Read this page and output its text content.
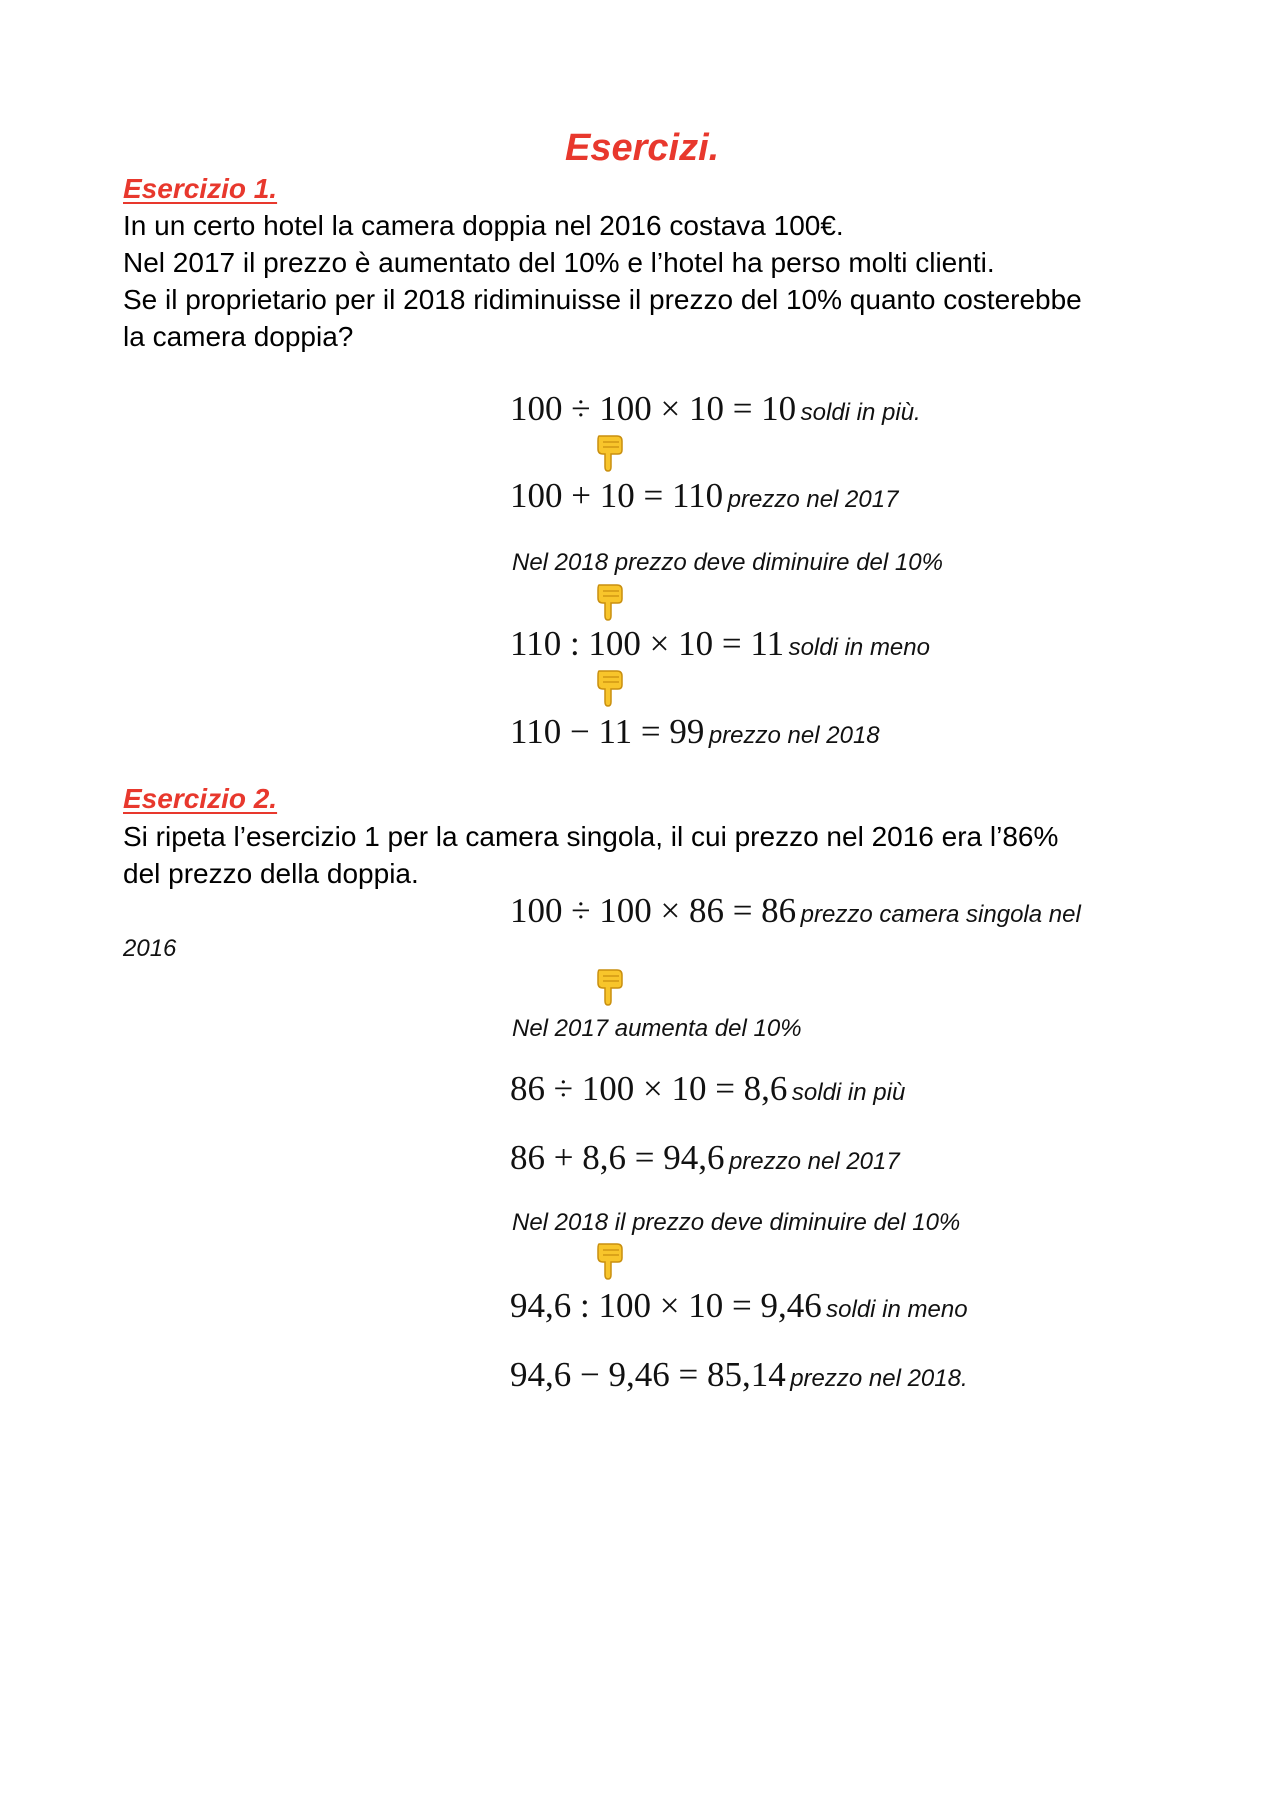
Esercizi.
Esercizio 1.
In un certo hotel la camera doppia nel 2016 costava 100€.
Nel 2017 il prezzo è aumentato del 10% e l’hotel ha perso molti clienti.
Se il proprietario per il 2018 ridiminuisse il prezzo del 10% quanto costerebbe
la camera doppia?
100 ÷ 100 × 10 = 10 soldi in più.
100 + 10 = 110 prezzo nel 2017
Nel 2018 prezzo deve diminuire del 10%
110 : 100 × 10 = 11 soldi in meno
110 − 11 = 99 prezzo nel 2018
Esercizio 2.
Si ripeta l’esercizio 1 per la camera singola, il cui prezzo nel 2016 era l’86%
del prezzo della doppia.
100 ÷ 100 × 86 = 86 prezzo camera singola nel
2016
Nel 2017 aumenta del 10%
86 ÷ 100 × 10 = 8,6 soldi in più
86 + 8,6 = 94,6 prezzo nel 2017
Nel 2018 il prezzo deve diminuire del 10%
94,6 : 100 × 10 = 9,46 soldi in meno
94,6 − 9,46 = 85,14 prezzo nel 2018.
